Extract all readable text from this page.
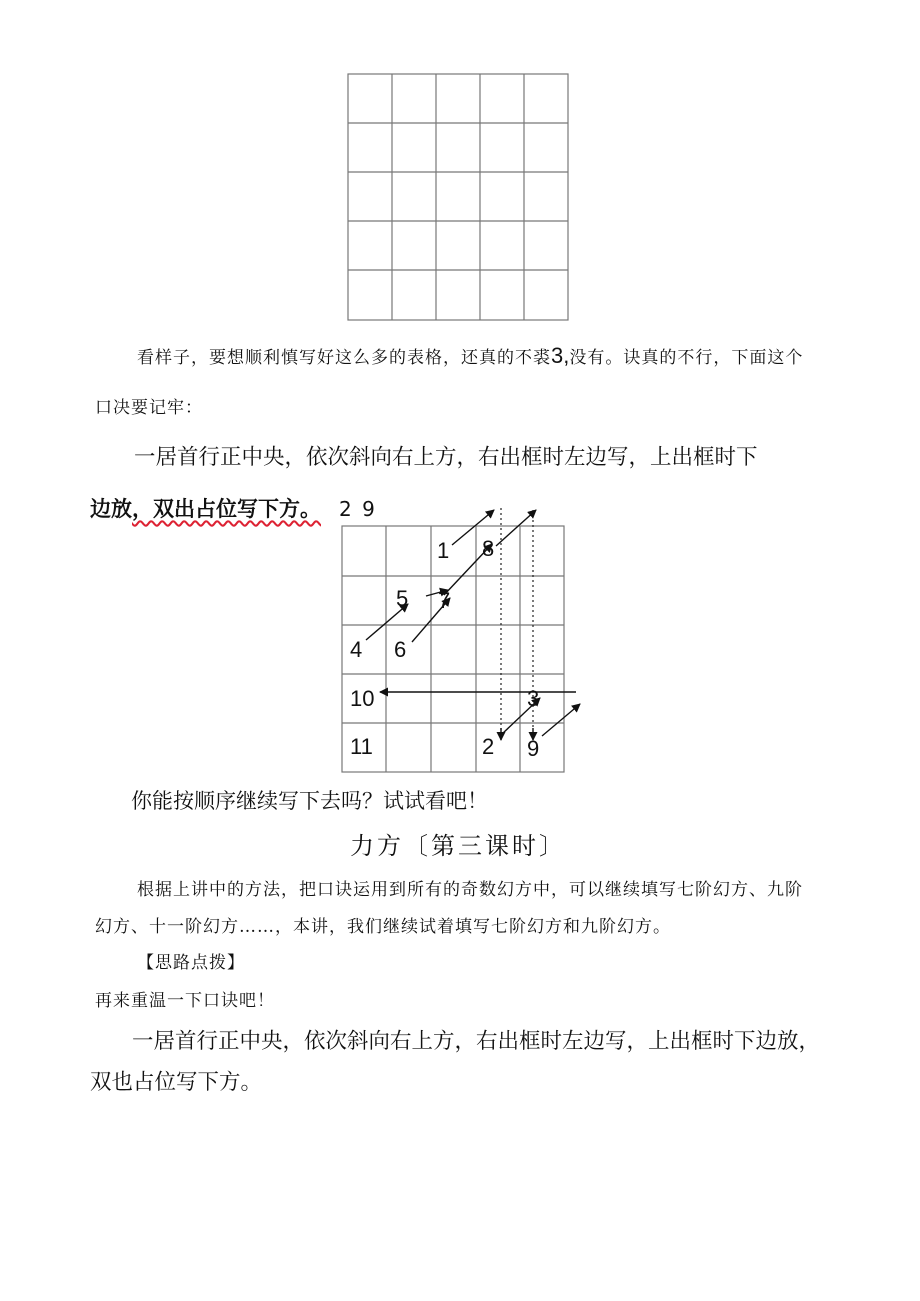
看样子，要想顺利慎写好这么多的表格，还真的不裘3,没有。诀真的不行，下面这个
口决要记牢：
一居首行正中央，依次斜向右上方，右出框时左边写，上出框时下
边放，双出占位写下方。 2 9
1 8
5 7
4 6
10	3
11	2 9
你能按顺序继续写下去吗？试试看吧！
力方〔第三课时〕
根据上讲中的方法，把口诀运用到所有的奇数幻方中，可以继续填写七阶幻方、九阶
幻方、十一阶幻方……，本讲，我们继续试着填写七阶幻方和九阶幻方。
【思路点拨】
再来重温一下口诀吧！
一居首行正中央，依次斜向右上方，右出框时左边写，上出框时下边放，
双也占位写下方。
